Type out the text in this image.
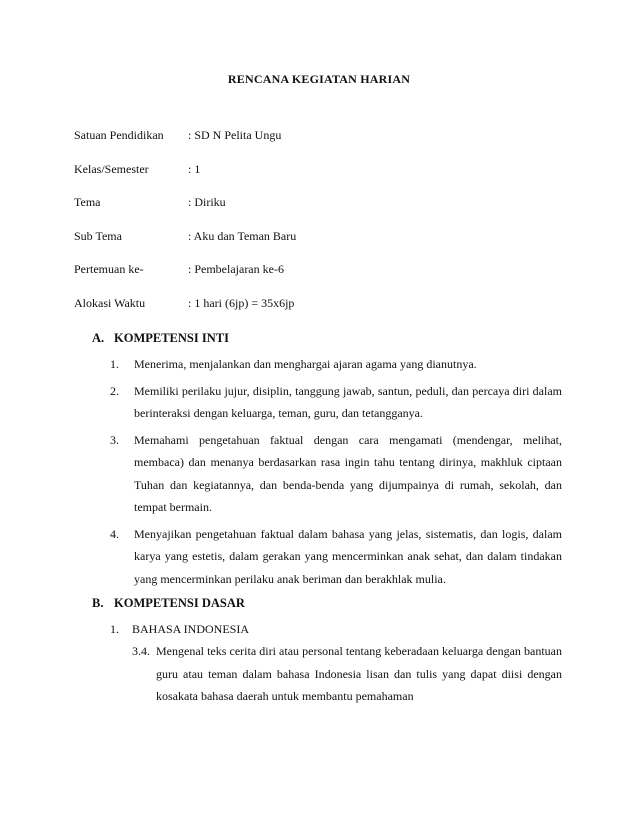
RENCANA KEGIATAN HARIAN
Satuan Pendidikan	: SD N Pelita Ungu
Kelas/Semester	: 1
Tema	: Diriku
Sub Tema	: Aku dan Teman Baru
Pertemuan ke-	: Pembelajaran ke-6
Alokasi Waktu	: 1 hari (6jp) = 35x6jp
A. KOMPETENSI INTI
1.	Menerima, menjalankan dan menghargai ajaran agama yang dianutnya.
2.	Memiliki perilaku jujur, disiplin, tanggung jawab, santun, peduli, dan percaya diri dalam berinteraksi dengan keluarga, teman, guru, dan tetangganya.
3.	Memahami pengetahuan faktual dengan cara mengamati (mendengar, melihat, membaca) dan menanya berdasarkan rasa ingin tahu tentang dirinya, makhluk ciptaan Tuhan dan kegiatannya, dan benda-benda yang dijumpainya di rumah, sekolah, dan tempat bermain.
4.	Menyajikan pengetahuan faktual dalam bahasa yang jelas, sistematis, dan logis, dalam karya yang estetis, dalam gerakan yang mencerminkan anak sehat, dan dalam tindakan yang mencerminkan perilaku anak beriman dan berakhlak mulia.
B. KOMPETENSI DASAR
1.	BAHASA INDONESIA
3.4. Mengenal teks cerita diri atau personal tentang keberadaan keluarga dengan bantuan guru atau teman dalam bahasa Indonesia lisan dan tulis yang dapat diisi dengan kosakata bahasa daerah untuk membantu pemahaman
